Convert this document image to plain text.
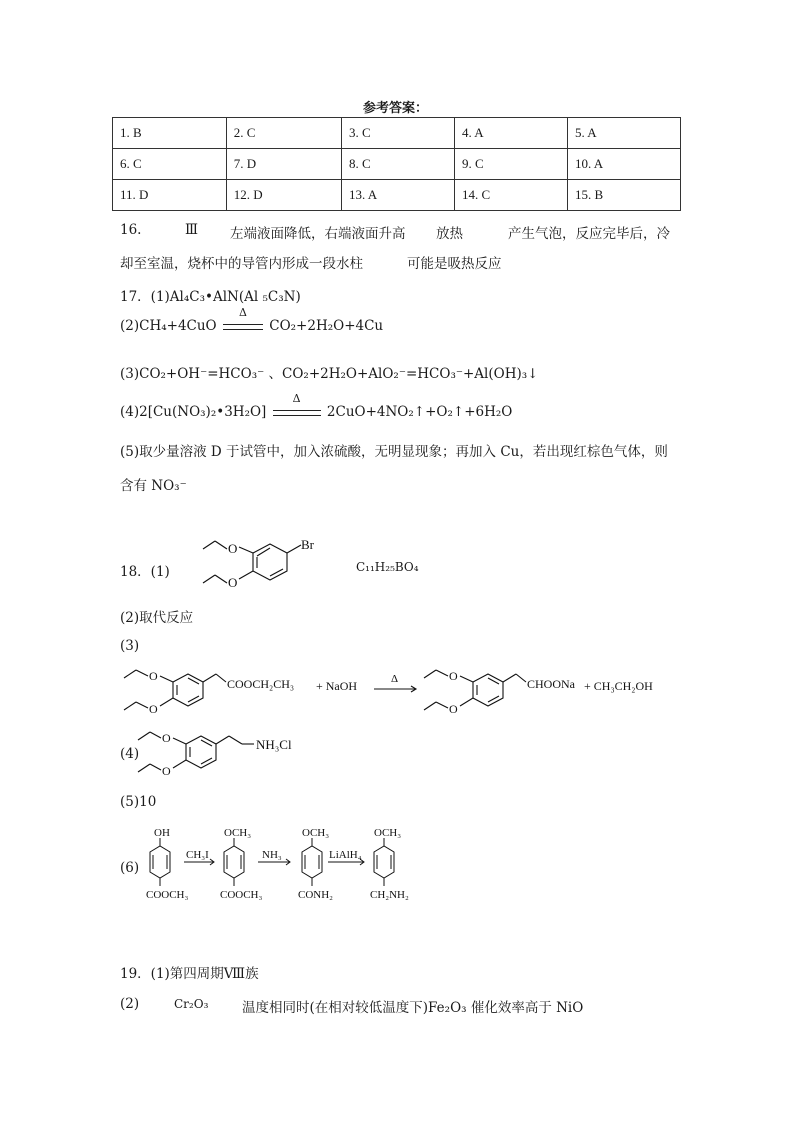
参考答案：
1. B	2. C	3. C	4. A	5. A
6. C	7. D	8. C	9. C	10. A
11. D	12. D	13. A	14. C	15. B
16.	Ⅲ 左端液面降低，右端液面升高 放热	产生气泡，反应完毕后，冷
却至室温，烧杯中的导管内形成一段水柱	可能是吸热反应
17．(1)Al₄C₃•AlN(Al ₅C₃N)
(2)CH₄+4CuO
Δ
CO₂+2H₂O+4Cu
(3)CO₂+OH⁻=HCO₃⁻ 、CO₂+2H₂O+AlO₂⁻=HCO₃⁻+Al(OH)₃↓
(4)2[Cu(NO₃)₂•3H₂O]
Δ
2CuO+4NO₂↑+O₂↑+6H₂O
(5)取少量溶液 D 于试管中，加入浓硫酸，无明显现象；再加入 Cu，若出现红棕色气体，则
含有 NO₃⁻
18．(1)	C₁₁H₂₅BO₄
(2)取代反应
(3)
(4)
(5)10
(6)
O
O
Br
O
O
COOCH₂CH₃ + NaOH	Δ	O
O
CHOONa + CH₃CH₂OH
O
O
NH₃Cl
OH
COOCH₃
CH₃I
OCH₃
COOCH₃
NH₃
OCH₃
CONH₂
LiAlH₄
OCH₃
CH₂NH₂
19．(1)第四周期Ⅷ族
(2)	Cr₂O₃ 温度相同时(在相对较低温度下)Fe₂O₃ 催化效率高于 NiO
